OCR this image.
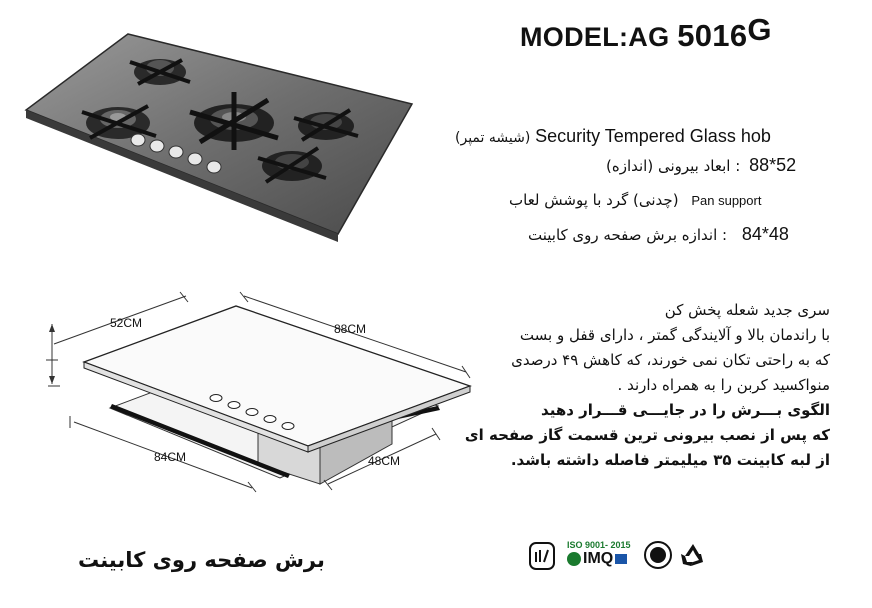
MODEL:AG 5016G
(شیشه تمپر) Security Tempered Glass hob
: ابعاد بیرونی (اندازه) 88*52
(چدنی) گرد با پوشش لعاب Pan support
: اندازه برش صفحه روی کابینت 84*48
52CM	88CM
84CM	48CM

سری جدید شعله پخش کن

با راندمان بالا و آلایندگی گمتر ، دارای قفل و بست

که به راحتی تکان نمی خورند، که کاهش ۴۹ درصدی

منواکسید کربن را به همراه دارند .

الگوی بـــرش را در جایـــی قـــرار دهید

که پس از نصب بیرونی ترین قسمت گاز صفحه ای

از لبه کابینت ۳۵ میلیمتر فاصله داشته باشد.

برش صفحه روی کابینت
ISO 9001- 2015
IMQ
